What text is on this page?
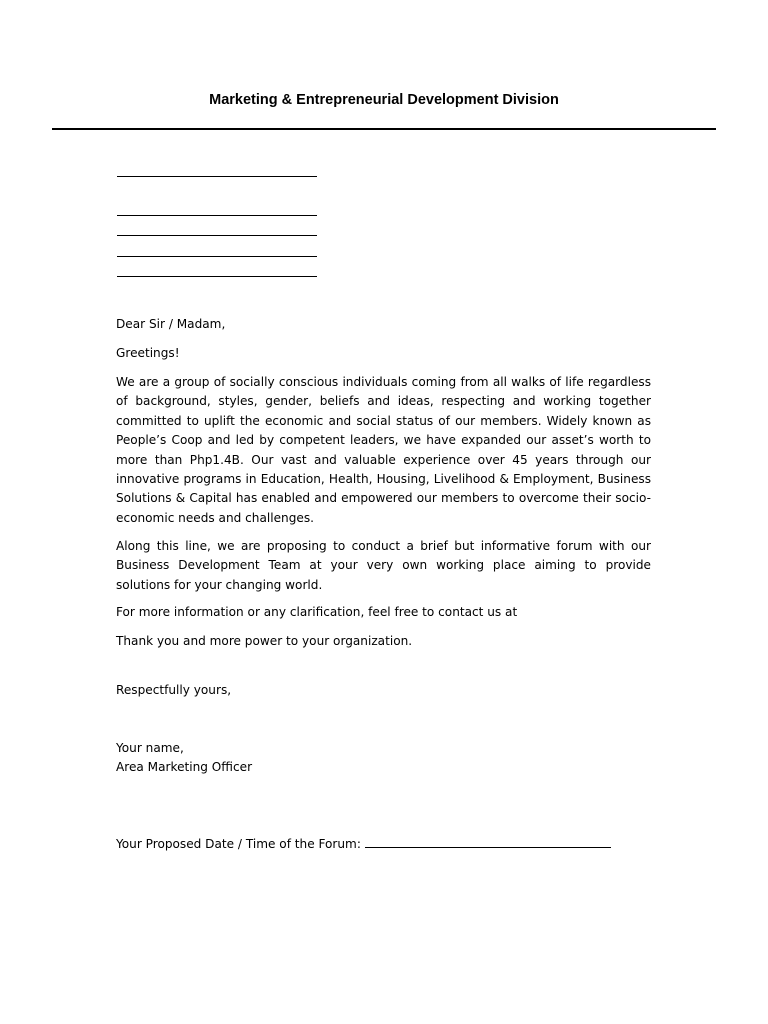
Marketing & Entrepreneurial Development Division
Dear Sir / Madam,
Greetings!
We are a group of socially conscious individuals coming from all walks of life regardless of background, styles, gender, beliefs and ideas, respecting and working together committed to uplift the economic and social status of our members. Widely known as People’s Coop and led by competent leaders, we have expanded our asset’s worth to more than Php1.4B. Our vast and valuable experience over 45 years through our innovative programs in Education, Health, Housing, Livelihood & Employment, Business Solutions & Capital has enabled and empowered our members to overcome their socio-economic needs and challenges.
Along this line, we are proposing to conduct a brief but informative forum with our Business Development Team at your very own working place aiming to provide solutions for your changing world.
For more information or any clarification, feel free to contact us at
Thank you and more power to your organization.
Respectfully yours,
Your name,
Area Marketing Officer
Your Proposed Date / Time of the Forum:
